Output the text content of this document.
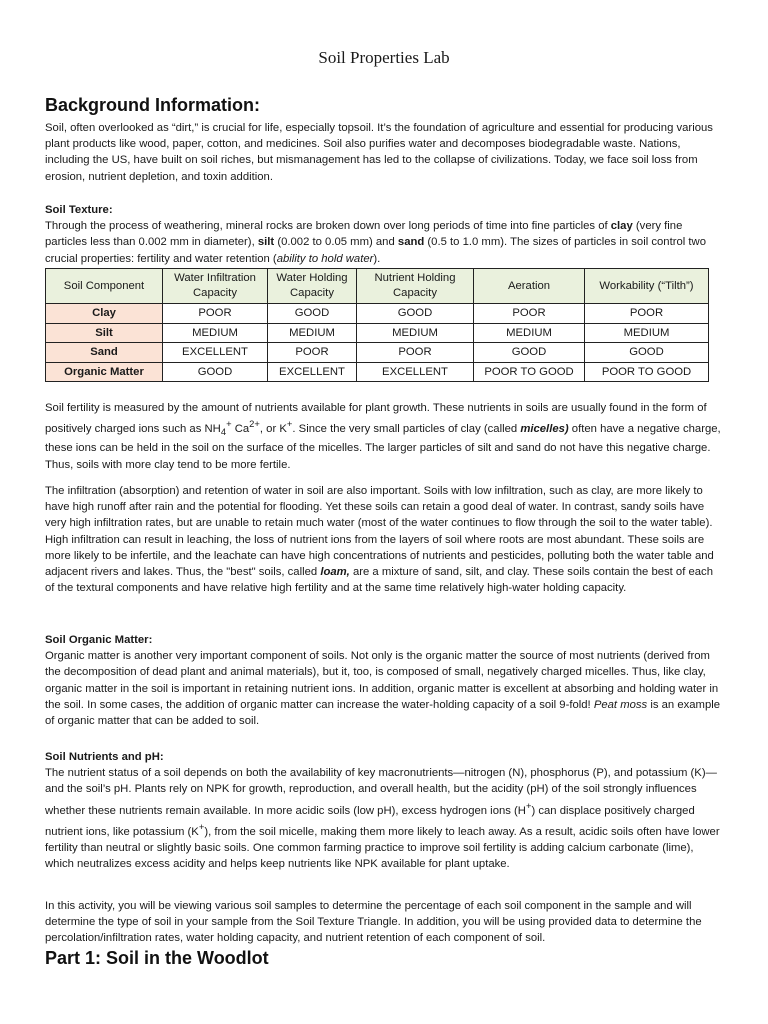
Soil Properties Lab
Background Information:

Soil, often overlooked as “dirt,” is crucial for life, especially topsoil. It’s the foundation of agriculture and essential for producing various plant products like wood, paper, cotton, and medicines. Soil also purifies water and decomposes biodegradable waste. Nations, including the US, have built on soil riches, but mismanagement has led to the collapse of civilizations. Today, we face soil loss from erosion, nutrient depletion, and toxin addition.

Soil Texture:
Through the process of weathering, mineral rocks are broken down over long periods of time into fine particles of clay (very fine particles less than 0.002 mm in diameter), silt (0.002 to 0.05 mm) and sand (0.5 to 1.0 mm). The sizes of particles in soil control two crucial properties: fertility and water retention (ability to hold water).

Soil Component	Water Infiltration Capacity	Water Holding Capacity	Nutrient Holding Capacity	Aeration	Workability (“Tilth”)
Clay	POOR	GOOD	GOOD	POOR	POOR
Silt	MEDIUM	MEDIUM	MEDIUM	MEDIUM	MEDIUM
Sand	EXCELLENT	POOR	POOR	GOOD	GOOD
Organic Matter	GOOD	EXCELLENT	EXCELLENT	POOR TO GOOD	POOR TO GOOD

Soil fertility is measured by the amount of nutrients available for plant growth. These nutrients in soils are usually found in the form of positively charged ions such as $NH_4^+$ $Ca^{2+}$, or K+. Since the very small particles of clay (called micelles) often have a negative charge, these ions can be held in the soil on the surface of the micelles. The larger particles of silt and sand do not have this negative charge. Thus, soils with more clay tend to be more fertile.

The infiltration (absorption) and retention of water in soil are also important. Soils with low infiltration, such as clay, are more likely to have high runoff after rain and the potential for flooding. Yet these soils can retain a good deal of water. In contrast, sandy soils have very high infiltration rates, but are unable to retain much water (most of the water continues to flow through the soil to the water table). High infiltration can result in leaching, the loss of nutrient ions from the layers of soil where roots are most abundant. These soils are more likely to be infertile, and the leachate can have high concentrations of nutrients and pesticides, polluting both the water table and adjacent rivers and lakes. Thus, the "best" soils, called loam, are a mixture of sand, silt, and clay. These soils contain the best of each of the textural components and have relative high fertility and at the same time relatively high-water holding capacity.

Soil Organic Matter:
Organic matter is another very important component of soils. Not only is the organic matter the source of most nutrients (derived from the decomposition of dead plant and animal materials), but it, too, is composed of small, negatively charged micelles. Thus, like clay, organic matter in the soil is important in retaining nutrient ions. In addition, organic matter is excellent at absorbing and holding water in the soil. In some cases, the addition of organic matter can increase the water-holding capacity of a soil 9-fold! Peat moss is an example of organic matter that can be added to soil.

Soil Nutrients and pH:
The nutrient status of a soil depends on both the availability of key macronutrients—nitrogen (N), phosphorus (P), and potassium (K)—and the soil’s pH. Plants rely on NPK for growth, reproduction, and overall health, but the acidity (pH) of the soil strongly influences whether these nutrients remain available. In more acidic soils (low pH), excess hydrogen ions (H+) can displace positively charged nutrient ions, like potassium (K+), from the soil micelle, making them more likely to leach away. As a result, acidic soils often have lower fertility than neutral or slightly basic soils. One common farming practice to improve soil fertility is adding calcium carbonate (lime), which neutralizes excess acidity and helps keep nutrients like NPK available for plant uptake.

In this activity, you will be viewing various soil samples to determine the percentage of each soil component in the sample and will determine the type of soil in your sample from the Soil Texture Triangle. In addition, you will be using provided data to determine the percolation/infiltration rates, water holding capacity, and nutrient retention of each component of soil.

Part 1: Soil in the Woodlot
